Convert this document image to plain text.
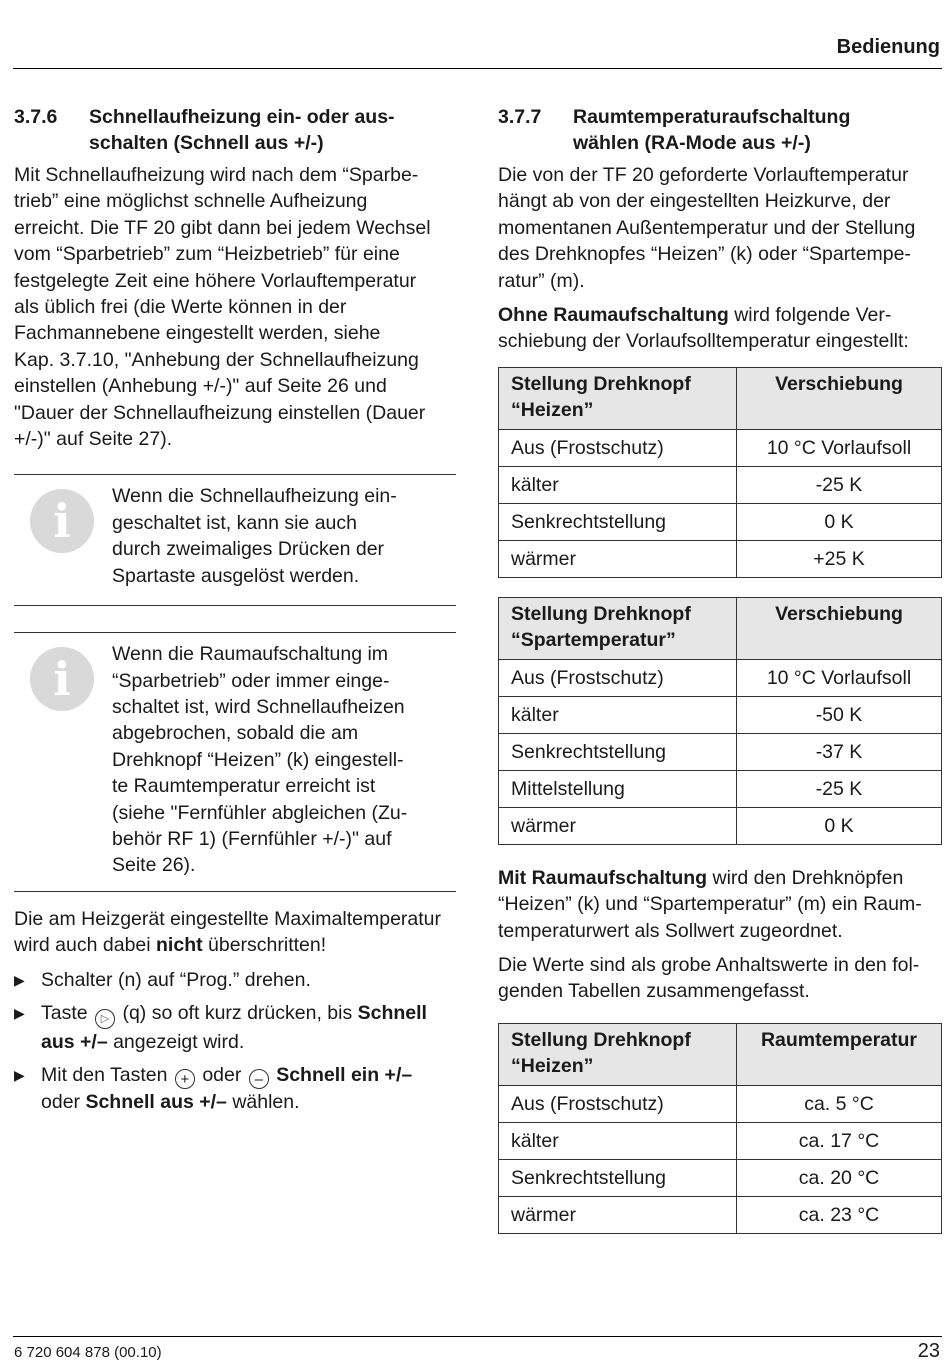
Bedienung
3.7.6	Schnellaufheizung ein- oder aus-
schalten (Schnell aus +/-)
Mit Schnellaufheizung wird nach dem “Sparbe-
trieb” eine möglichst schnelle Aufheizung
erreicht. Die TF 20 gibt dann bei jedem Wechsel
vom “Sparbetrieb” zum “Heizbetrieb” für eine
festgelegte Zeit eine höhere Vorlauftemperatur
als üblich frei (die Werte können in der
Fachmannebene eingestellt werden, siehe
Kap. 3.7.10, "Anhebung der Schnellaufheizung
einstellen (Anhebung +/-)" auf Seite 26 und
"Dauer der Schnellaufheizung einstellen (Dauer
+/-)" auf Seite 27).
i	Wenn die Schnellaufheizung ein-
geschaltet ist, kann sie auch
durch zweimaliges Drücken der
Spartaste ausgelöst werden.
i	Wenn die Raumaufschaltung im
“Sparbetrieb” oder immer einge-
schaltet ist, wird Schnellaufheizen
abgebrochen, sobald die am
Drehknopf “Heizen” (k) eingestell-
te Raumtemperatur erreicht ist
(siehe "Fernfühler abgleichen (Zu-
behör RF 1) (Fernfühler +/-)" auf
Seite 26).
Die am Heizgerät eingestellte Maximaltemperatur
wird auch dabei nicht überschritten!
▶ Schalter (n) auf “Prog.” drehen.
▶ Taste ▷ (q) so oft kurz drücken, bis Schnell
aus +/– angezeigt wird.
▶ Mit den Tasten + oder – Schnell ein +/–
oder Schnell aus +/– wählen.
3.7.7	Raumtemperaturaufschaltung
wählen (RA-Mode aus +/-)
Die von der TF 20 geforderte Vorlauftemperatur
hängt ab von der eingestellten Heizkurve, der
momentanen Außentemperatur und der Stellung
des Drehknopfes “Heizen” (k) oder “Spartempe-
ratur” (m).
Ohne Raumaufschaltung wird folgende Ver-
schiebung der Vorlaufsolltemperatur eingestellt:
Stellung Drehknopf
“Heizen”	Verschiebung
Aus (Frostschutz)	10 °C Vorlaufsoll
kälter	-25 K
Senkrechtstellung	0 K
wärmer	+25 K
Stellung Drehknopf
“Spartemperatur”	Verschiebung
Aus (Frostschutz)	10 °C Vorlaufsoll
kälter	-50 K
Senkrechtstellung	-37 K
Mittelstellung	-25 K
wärmer	0 K
Mit Raumaufschaltung wird den Drehknöpfen
“Heizen” (k) und “Spartemperatur” (m) ein Raum-
temperaturwert als Sollwert zugeordnet.
Die Werte sind als grobe Anhaltswerte in den fol-
genden Tabellen zusammengefasst.
Stellung Drehknopf
“Heizen”	Raumtemperatur
Aus (Frostschutz)	ca. 5 °C
kälter	ca. 17 °C
Senkrechtstellung	ca. 20 °C
wärmer	ca. 23 °C
6 720 604 878 (00.10)	23
